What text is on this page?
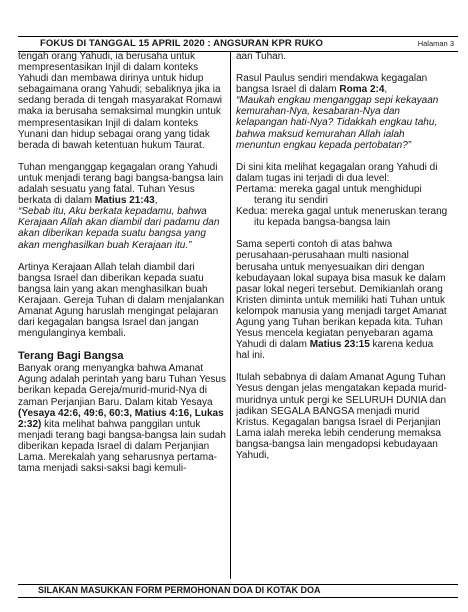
FOKUS DI TANGGAL 15 APRIL 2020 : ANGSURAN KPR RUKO	Halaman 3

tengah orang Yahudi, ia berusaha untuk mempresentasikan Injil di dalam konteks Yahudi dan membawa dirinya untuk hidup sebagaimana orang Yahudi; sebaliknya jika ia sedang berada di tengah masyarakat Romawi maka ia berusaha semaksimal mungkin untuk mempresentasikan Injil di dalam konteks Yunani dan hidup sebagai orang yang tidak berada di bawah ketentuan hukum Taurat.

Tuhan menganggap kegagalan orang Yahudi untuk menjadi terang bagi bangsa-bangsa lain adalah sesuatu yang fatal. Tuhan Yesus berkata di dalam Matius 21:43,

“Sebab itu, Aku berkata kepadamu, bahwa Kerajaan Allah akan diambil dari padamu dan akan diberikan kepada suatu bangsa yang akan menghasilkan buah Kerajaan itu.”

Artinya Kerajaan Allah telah diambil dari bangsa Israel dan diberikan kepada suatu bangsa lain yang akan menghasilkan buah Kerajaan. Gereja Tuhan di dalam menjalankan Amanat Agung haruslah mengingat pelajaran dari kegagalan bangsa Israel dan jangan mengulanginya kembali.

Terang Bagi Bangsa

Banyak orang menyangka bahwa Amanat Agung adalah perintah yang baru Tuhan Yesus berikan kepada Gereja/murid-murid-Nya di zaman Perjanjian Baru. Dalam kitab Yesaya (Yesaya 42:6, 49:6, 60:3, Matius 4:16, Lukas 2:32) kita melihat bahwa panggilan untuk menjadi terang bagi bangsa-bangsa lain sudah diberikan kepada Israel di dalam Perjanjian Lama. Merekalah yang seharusnya pertama-tama menjadi saksi-saksi bagi kemuli-

aan Tuhan.

Rasul Paulus sendiri mendakwa kegagalan bangsa Israel di dalam Roma 2:4,

“Maukah engkau menganggap sepi kekayaan kemurahan-Nya, kesabaran-Nya dan kelapangan hati-Nya? Tidakkah engkau tahu, bahwa maksud kemurahan Allah ialah menuntun engkau kepada pertobatan?”

Di sini kita melihat kegagalan orang Yahudi di dalam tugas ini terjadi di dua level:

Pertama: mereka gagal untuk menghidupi terang itu sendiri
Kedua: mereka gagal untuk meneruskan terang itu kepada bangsa-bangsa lain

Sama seperti contoh di atas bahwa perusahaan-perusahaan multi nasional berusaha untuk menyesuaikan diri dengan kebudayaan lokal supaya bisa masuk ke dalam pasar lokal negeri tersebut. Demikianlah orang Kristen diminta untuk memiliki hati Tuhan untuk kelompok manusia yang menjadi target Amanat Agung yang Tuhan berikan kepada kita. Tuhan Yesus mencela kegiatan penyebaran agama Yahudi di dalam Matius 23:15 karena kedua hal ini.

Itulah sebabnya di dalam Amanat Agung Tuhan Yesus dengan jelas mengatakan kepada murid-muridnya untuk pergi ke SELURUH DUNIA dan jadikan SEGALA BANGSA menjadi murid Kristus. Kegagalan bangsa Israel di Perjanjian Lama ialah mereka lebih cenderung memaksa bangsa-bangsa lain mengadopsi kebudayaan Yahudi,

SILAKAN MASUKKAN FORM PERMOHONAN DOA DI KOTAK DOA
